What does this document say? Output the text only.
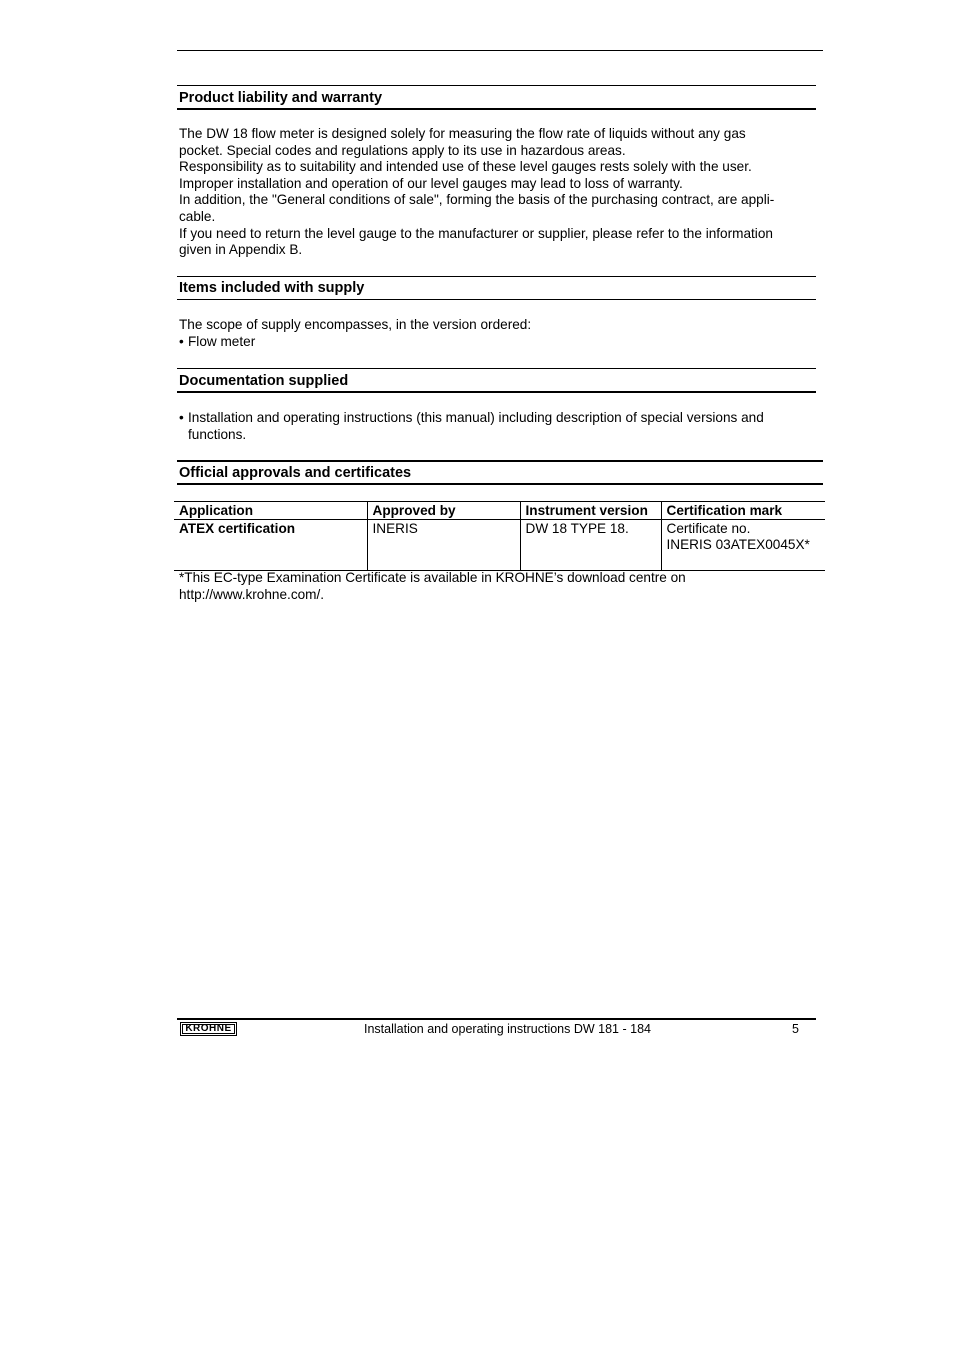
Product liability and warranty

The DW 18 flow meter is designed solely for measuring the flow rate of liquids without any gas

pocket. Special codes and regulations apply to its use in hazardous areas.

Responsibility as to suitability and intended use of these level gauges rests solely with the user.

Improper installation and operation of our level gauges may lead to loss of warranty.

In addition, the "General conditions of sale", forming the basis of the purchasing contract, are appli-

cable.

If you need to return the level gauge to the manufacturer or supplier, please refer to the information

given in Appendix B.

Items included with supply

The scope of supply encompasses, in the version ordered:

• Flow meter

Documentation supplied

• Installation and operating instructions (this manual) including description of special versions and

functions.

Official approvals and certificates
Application	Approved by	Instrument version	Certification mark
ATEX certification	INERIS	DW 18 TYPE 18.	Certificate no.
INERIS 03ATEX0045X*

*This EC-type Examination Certificate is available in KROHNE’s download centre on

http://www.krohne.com/.

KROHNE	Installation and operating instructions DW 181 - 184	5
